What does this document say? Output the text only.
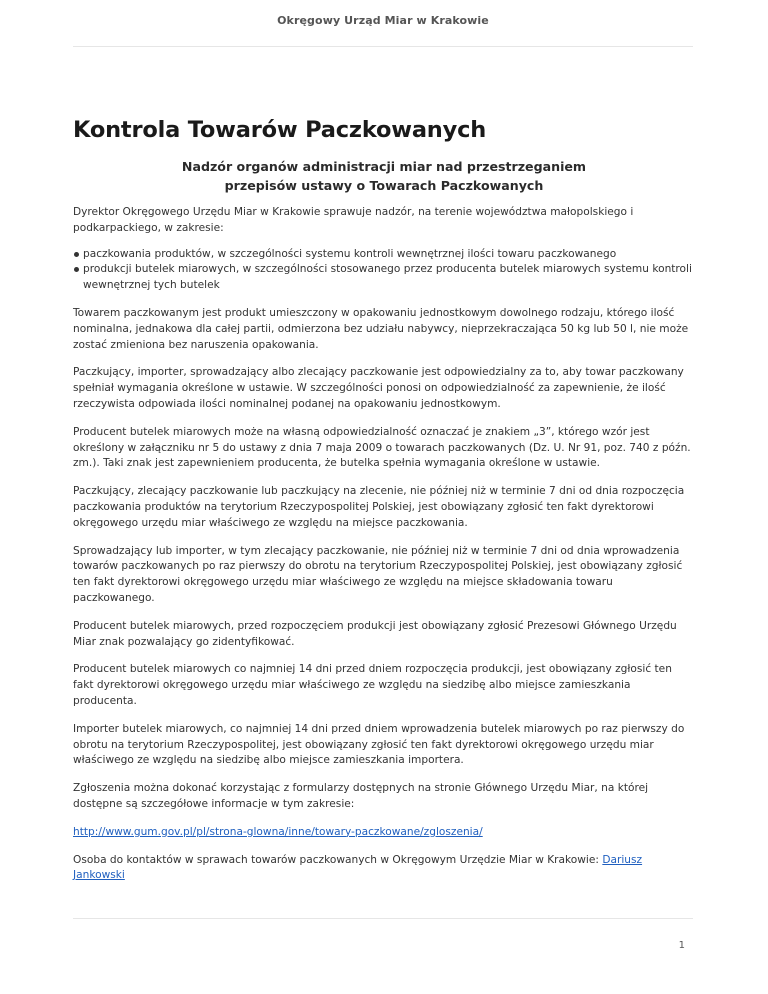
Okręgowy Urząd Miar w Krakowie
Kontrola Towarów Paczkowanych
Nadzór organów administracji miar nad przestrzeganiem
przepisów ustawy o Towarach Paczkowanych

Dyrektor Okręgowego Urzędu Miar w Krakowie sprawuje nadzór, na terenie województwa małopolskiego i podkarpackiego, w zakresie:

paczkowania produktów, w szczególności systemu kontroli wewnętrznej ilości towaru paczkowanego
produkcji butelek miarowych, w szczególności stosowanego przez producenta butelek miarowych systemu kontroli wewnętrznej tych butelek

Towarem paczkowanym jest produkt umieszczony w opakowaniu jednostkowym dowolnego rodzaju, którego ilość nominalna, jednakowa dla całej partii, odmierzona bez udziału nabywcy, nieprzekraczająca 50 kg lub 50 l, nie może zostać zmieniona bez naruszenia opakowania.

Paczkujący, importer, sprowadzający albo zlecający paczkowanie jest odpowiedzialny za to, aby towar paczkowany spełniał wymagania określone w ustawie. W szczególności ponosi on odpowiedzialność za zapewnienie, że ilość rzeczywista odpowiada ilości nominalnej podanej na opakowaniu jednostkowym.

Producent butelek miarowych może na własną odpowiedzialność oznaczać je znakiem „3”, którego wzór jest określony w załączniku nr 5 do ustawy z dnia 7 maja 2009 o towarach paczkowanych (Dz. U. Nr 91, poz. 740 z późn. zm.). Taki znak jest zapewnieniem producenta, że butelka spełnia wymagania określone w ustawie.

Paczkujący, zlecający paczkowanie lub paczkujący na zlecenie, nie później niż w terminie 7 dni od dnia rozpoczęcia paczkowania produktów na terytorium Rzeczypospolitej Polskiej, jest obowiązany zgłosić ten fakt dyrektorowi okręgowego urzędu miar właściwego ze względu na miejsce paczkowania.

Sprowadzający lub importer, w tym zlecający paczkowanie, nie później niż w terminie 7 dni od dnia wprowadzenia towarów paczkowanych po raz pierwszy do obrotu na terytorium Rzeczypospolitej Polskiej, jest obowiązany zgłosić ten fakt dyrektorowi okręgowego urzędu miar właściwego ze względu na miejsce składowania towaru paczkowanego.

Producent butelek miarowych, przed rozpoczęciem produkcji jest obowiązany zgłosić Prezesowi Głównego Urzędu Miar znak pozwalający go zidentyfikować.

Producent butelek miarowych co najmniej 14 dni przed dniem rozpoczęcia produkcji, jest obowiązany zgłosić ten fakt dyrektorowi okręgowego urzędu miar właściwego ze względu na siedzibę albo miejsce zamieszkania producenta.

Importer butelek miarowych, co najmniej 14 dni przed dniem wprowadzenia butelek miarowych po raz pierwszy do obrotu na terytorium Rzeczypospolitej, jest obowiązany zgłosić ten fakt dyrektorowi okręgowego urzędu miar właściwego ze względu na siedzibę albo miejsce zamieszkania importera.

Zgłoszenia można dokonać korzystając z formularzy dostępnych na stronie Głównego Urzędu Miar, na której dostępne są szczegółowe informacje w tym zakresie:

http://www.gum.gov.pl/pl/strona-glowna/inne/towary-paczkowane/zgloszenia/

Osoba do kontaktów w sprawach towarów paczkowanych w Okręgowym Urzędzie Miar w Krakowie: Dariusz Jankowski

1
